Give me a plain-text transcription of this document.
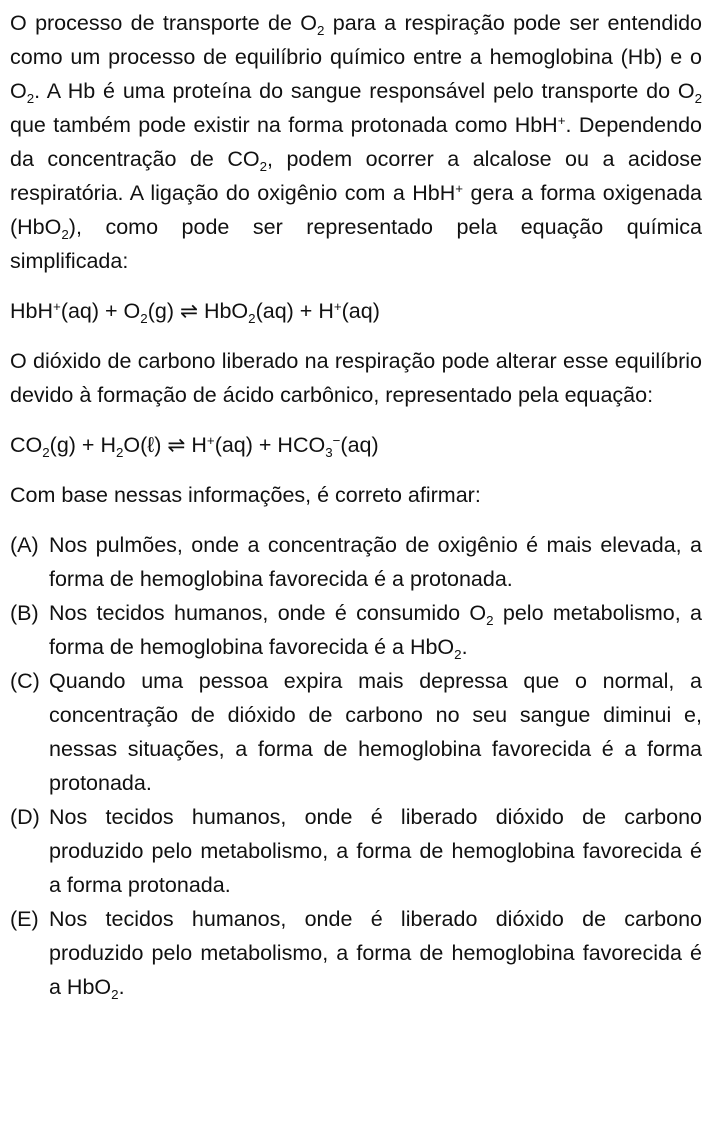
O processo de transporte de $O_2$ para a respiração pode ser entendido como um processo de equilíbrio químico entre a hemoglobina (Hb) e o $O_2$. A Hb é uma proteína do sangue responsável pelo transporte do $O_2$ que também pode existir na forma protonada como HbH+. Dependendo da concentração de $CO_2$, podem ocorrer a alcalose ou a acidose respiratória. A ligação do oxigênio com a HbH+ gera a forma oxigenada (HbO$_2$), como pode ser representado pela equação química simplificada:

$HbH^+(aq) + O_2(g)$ ⇌ HbO$_2$(aq) + H+(aq)

O dióxido de carbono liberado na respiração pode alterar esse equilíbrio devido à formação de ácido carbônico, representado pela equação:

$CO_2(g)$ + $H_2O(\ell)$ ⇌ $H^+(aq) + HCO_3^-(aq)$

Com base nessas informações, é correto afirmar:

(A) Nos pulmões, onde a concentração de oxigênio é mais elevada, a forma de hemoglobina favorecida é a protonada.
(B) Nos tecidos humanos, onde é consumido $O_2$ pelo metabolismo, a forma de hemoglobina favorecida é a HbO$_2$.
(C) Quando uma pessoa expira mais depressa que o normal, a concentração de dióxido de carbono no seu sangue diminui e, nessas situações, a forma de hemoglobina favorecida é a forma protonada.
(D) Nos tecidos humanos, onde é liberado dióxido de carbono produzido pelo metabolismo, a forma de hemoglobina favorecida é a forma protonada.
(E) Nos tecidos humanos, onde é liberado dióxido de carbono produzido pelo metabolismo, a forma de hemoglobina favorecida é a HbO$_2$.
